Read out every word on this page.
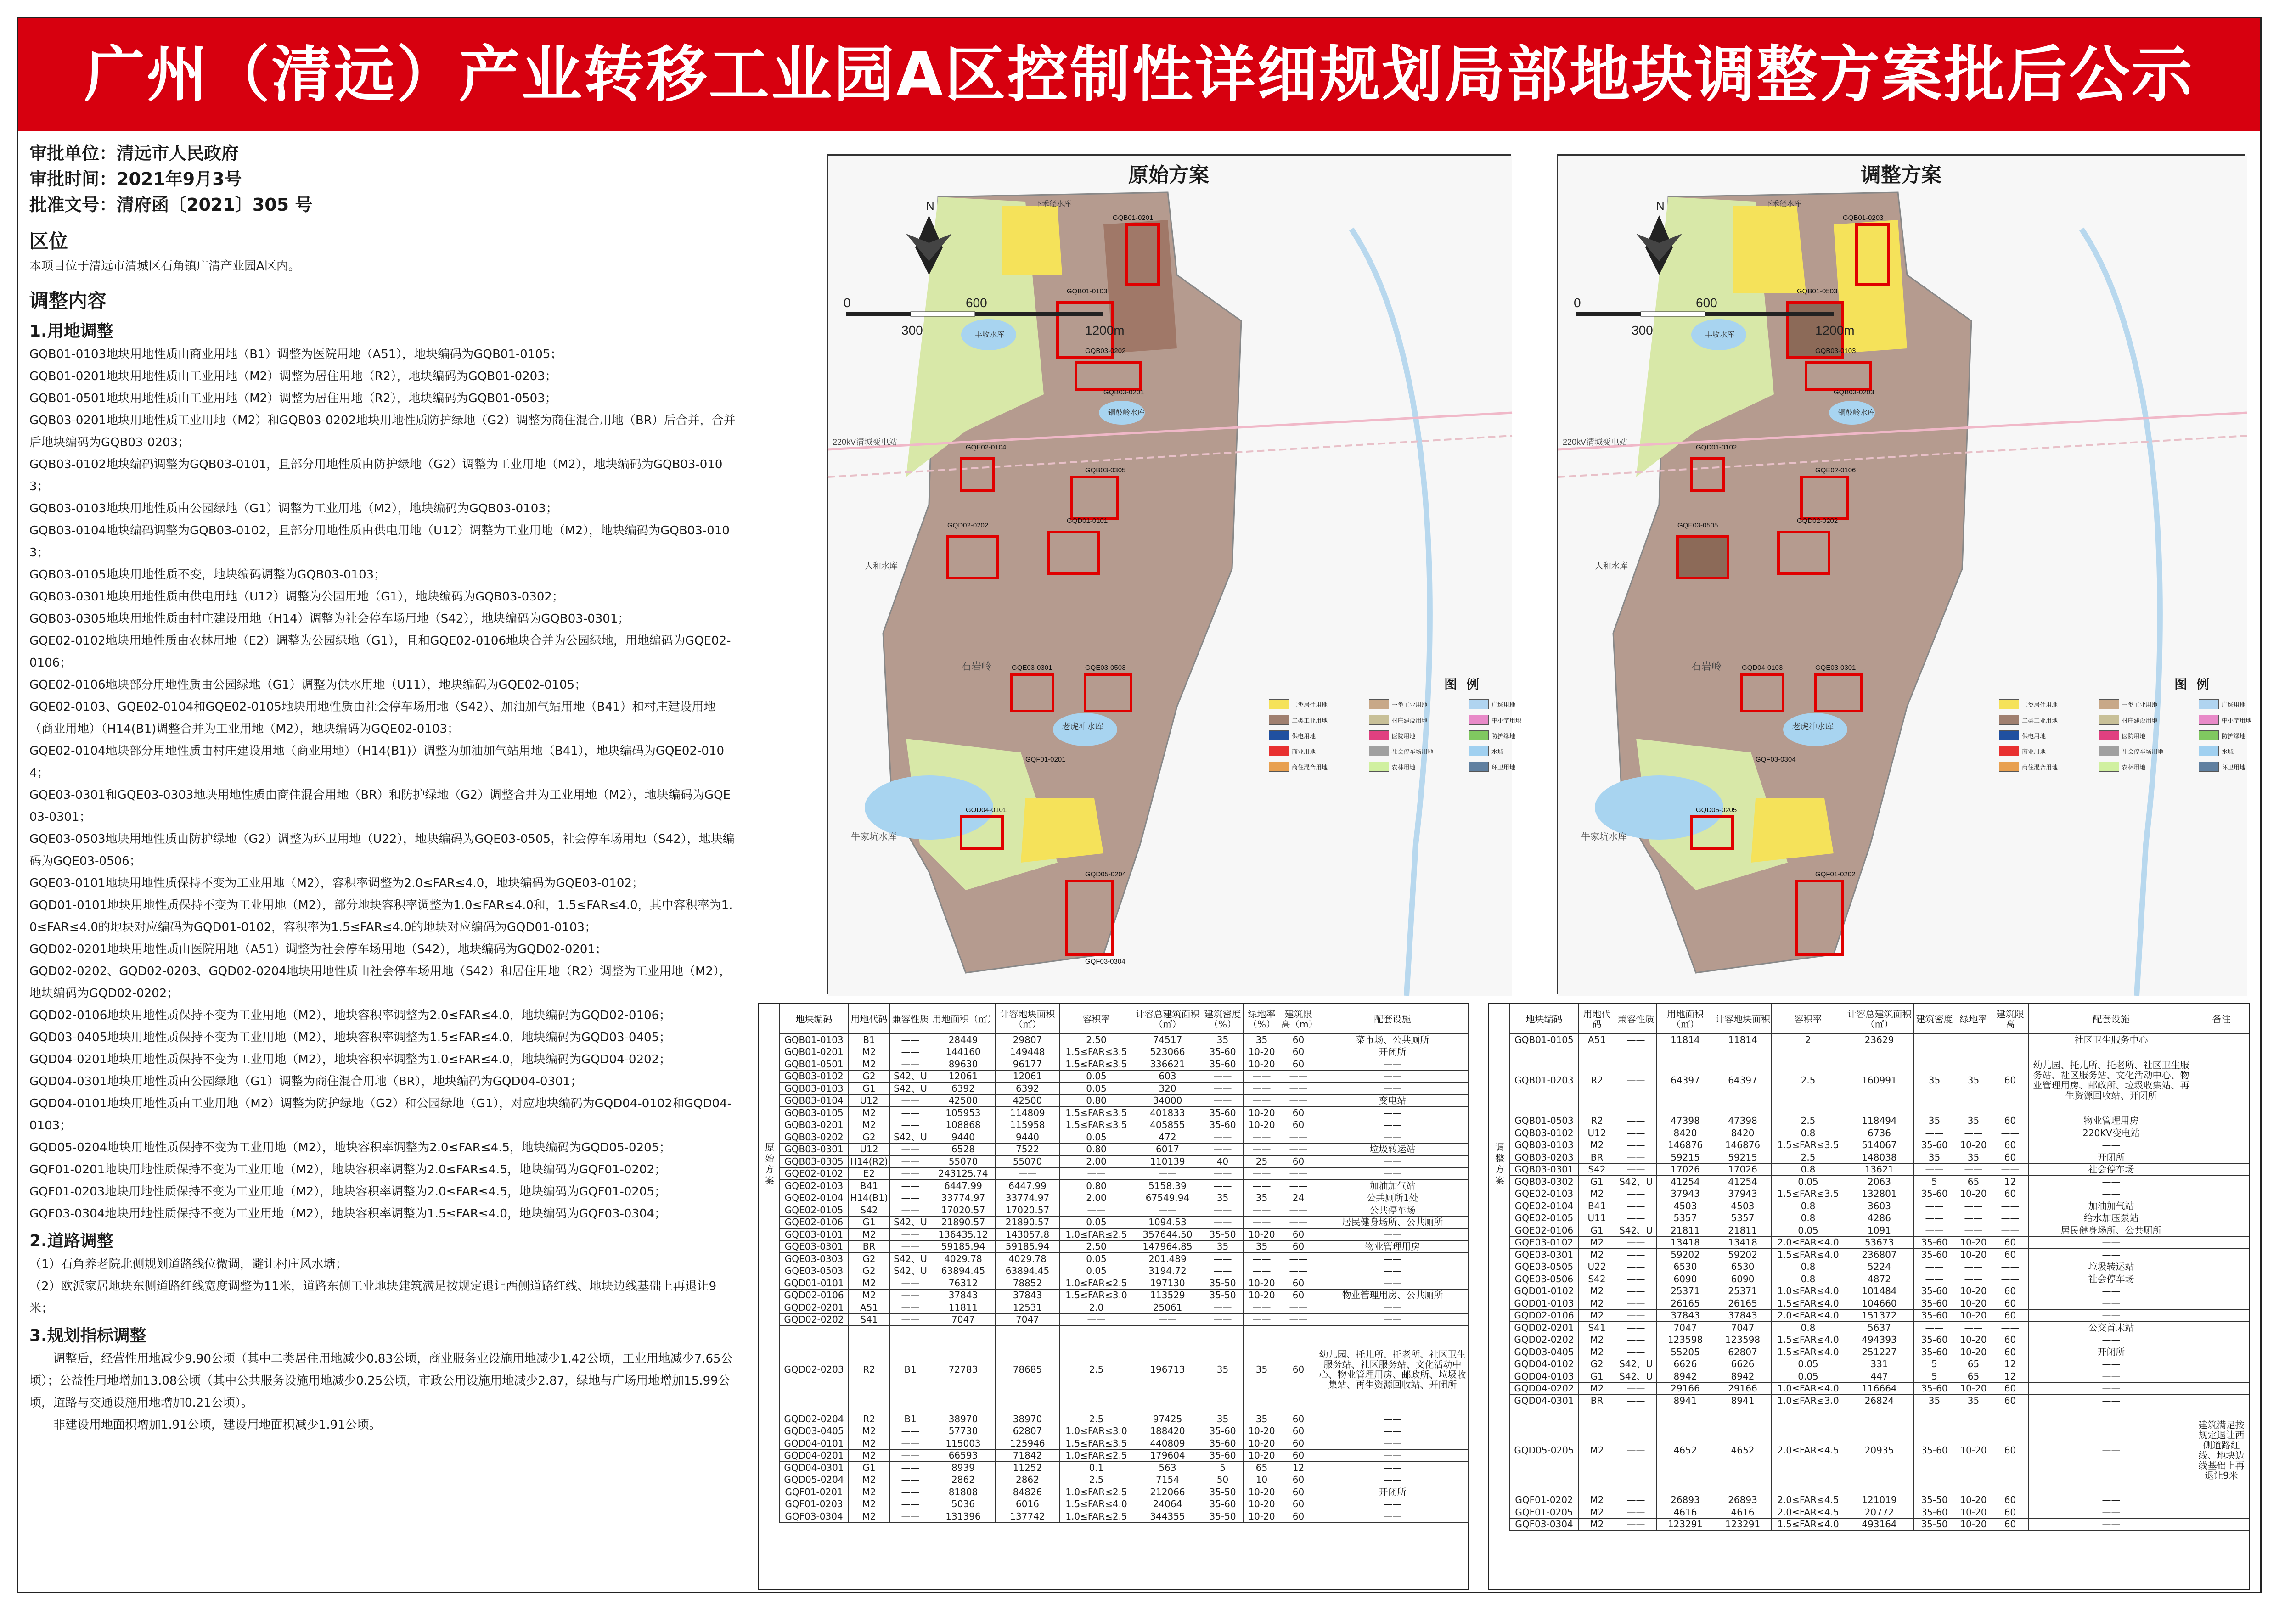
广州（清远）产业转移工业园A区控制性详细规划局部地块调整方案批后公示
审批单位：清远市人民政府
审批时间：2021年9月3号
批准文号：清府函〔2021〕305 号
区位
本项目位于清远市清城区石角镇广清产业园A区内。
调整内容
1.用地调整
GQB01-0103地块用地性质由商业用地（B1）调整为医院用地（A51），地块编码为GQB01-0105；
GQB01-0201地块用地性质由工业用地（M2）调整为居住用地（R2），地块编码为GQB01-0203；
GQB01-0501地块用地性质由工业用地（M2）调整为居住用地（R2），地块编码为GQB01-0503；
GQB03-0201地块用地性质工业用地（M2）和GQB03-0202地块用地性质防护绿地（G2）调整为商住混合用地（BR）后合并，合并后地块编码为GQB03-0203；
GQB03-0102地块编码调整为GQB03-0101，且部分用地性质由防护绿地（G2）调整为工业用地（M2），地块编码为GQB03-0103；
GQB03-0103地块用地性质由公园绿地（G1）调整为工业用地（M2），地块编码为GQB03-0103；
GQB03-0104地块编码调整为GQB03-0102，且部分用地性质由供电用地（U12）调整为工业用地（M2），地块编码为GQB03-0103；
GQB03-0105地块用地性质不变，地块编码调整为GQB03-0103；
GQB03-0301地块用地性质由供电用地（U12）调整为公园用地（G1），地块编码为GQB03-0302；
GQB03-0305地块用地性质由村庄建设用地（H14）调整为社会停车场用地（S42），地块编码为GQB03-0301；
GQE02-0102地块用地性质由农林用地（E2）调整为公园绿地（G1），且和GQE02-0106地块合并为公园绿地，用地编码为GQE02-0106；
GQE02-0106地块部分用地性质由公园绿地（G1）调整为供水用地（U11），地块编码为GQE02-0105；
GQE02-0103、GQE02-0104和GQE02-0105地块用地性质由社会停车场用地（S42）、加油加气站用地（B41）和村庄建设用地（商业用地）（H14(B1)调整合并为工业用地（M2），地块编码为GQE02-0103；
GQE02-0104地块部分用地性质由村庄建设用地（商业用地）（H14(B1)）调整为加油加气站用地（B41），地块编码为GQE02-0104；
GQE03-0301和GQE03-0303地块用地性质由商住混合用地（BR）和防护绿地（G2）调整合并为工业用地（M2），地块编码为GQE03-0301；
GQE03-0503地块用地性质由防护绿地（G2）调整为环卫用地（U22），地块编码为GQE03-0505，社会停车场用地（S42），地块编码为GQE03-0506；
GQE03-0101地块用地性质保持不变为工业用地（M2），容积率调整为2.0≤FAR≤4.0，地块编码为GQE03-0102；
GQD01-0101地块用地性质保持不变为工业用地（M2），部分地块容积率调整为1.0≤FAR≤4.0和，1.5≤FAR≤4.0，其中容积率为1.0≤FAR≤4.0的地块对应编码为GQD01-0102，容积率为1.5≤FAR≤4.0的地块对应编码为GQD01-0103；
GQD02-0201地块用地性质由医院用地（A51）调整为社会停车场用地（S42），地块编码为GQD02-0201；
GQD02-0202、GQD02-0203、GQD02-0204地块用地性质由社会停车场用地（S42）和居住用地（R2）调整为工业用地（M2），地块编码为GQD02-0202；
GQD02-0106地块用地性质保持不变为工业用地（M2），地块容积率调整为2.0≤FAR≤4.0，地块编码为GQD02-0106；
GQD03-0405地块用地性质保持不变为工业用地（M2），地块容积率调整为1.5≤FAR≤4.0，地块编码为GQD03-0405；
GQD04-0201地块用地性质保持不变为工业用地（M2），地块容积率调整为1.0≤FAR≤4.0，地块编码为GQD04-0202；
GQD04-0301地块用地性质由公园绿地（G1）调整为商住混合用地（BR），地块编码为GQD04-0301；
GQD04-0101地块用地性质由工业用地（M2）调整为防护绿地（G2）和公园绿地（G1），对应地块编码为GQD04-0102和GQD04-0103；
GQD05-0204地块用地性质保持不变为工业用地（M2），地块容积率调整为2.0≤FAR≤4.5，地块编码为GQD05-0205；
GQF01-0201地块用地性质保持不变为工业用地（M2），地块容积率调整为2.0≤FAR≤4.5，地块编码为GQF01-0202；
GQF01-0203地块用地性质保持不变为工业用地（M2），地块容积率调整为2.0≤FAR≤4.5，地块编码为GQF01-0205；
GQF03-0304地块用地性质保持不变为工业用地（M2），地块容积率调整为1.5≤FAR≤4.0，地块编码为GQF03-0304；
2.道路调整
（1）石角养老院北侧规划道路线位微调，避让村庄风水塘；
（2）欧派家居地块东侧道路红线宽度调整为11米，道路东侧工业地块建筑满足按规定退让西侧道路红线、地块边线基础上再退让9米；
3.规划指标调整
调整后，经营性用地减少9.90公顷（其中二类居住用地减少0.83公顷，商业服务业设施用地减少1.42公顷，工业用地减少7.65公顷）；公益性用地增加13.08公顷（其中公共服务设施用地减少0.25公顷，市政公用设施用地减少2.87，绿地与广场用地增加15.99公顷，道路与交通设施用地增加0.21公顷）。
非建设用地面积增加1.91公顷，建设用地面积减少1.91公顷。
N
0
300
600
1200m
220kV清城变电站
石岩岭
牛家坑水库
老虎冲水库
铜鼓岭水库
丰收水库
下禾径水库
人和水库
GQB01-0201
GQB01-0103
GQB03-0201
GQB03-0202
GQB03-0305
GQE02-0104
GQD01-0101
GQD02-0202
GQE03-0503
GQE03-0301
GQD04-0101
GQD05-0204
GQF01-0201
GQF03-0304
原始方案
图例
二类居住用地	一类工业用地	广场用地
二类工业用地	村庄建设用地	中小学用地
供电用地	医院用地	防护绿地
商业用地	社会停车场用地	水域
商住混合用地	农林用地	环卫用地
N
0
300
600
1200m
220kV清城变电站
石岩岭
牛家坑水库
老虎冲水库
铜鼓岭水库
丰收水库
下禾径水库
人和水库
GQB01-0203
GQB01-0503
GQB03-0203
GQB03-0103
GQE02-0106
GQD01-0102
GQD02-0202
GQE03-0505
GQE03-0301
GQD04-0103
GQD05-0205
GQF01-0202
GQF03-0304
调整方案
图例
二类居住用地	一类工业用地	广场用地
二类工业用地	村庄建设用地	中小学用地
供电用地	医院用地	防护绿地
商业用地	社会停车场用地	水域
商住混合用地	农林用地	环卫用地
原始方案
地块编码	用地代码	兼容性质	用地面积（㎡）	计容地块面积（㎡）	容积率	计容总建筑面积（㎡）	建筑密度（%）	绿地率（%）	建筑限高（m）	配套设施
GQB01-0103	B1	——	28449	29807	2.50	74517	35	35	60	菜市场、公共厕所
GQB01-0201	M2	——	144160	149448	1.5≤FAR≤3.5	523066	35-60	10-20	60	开闭所
GQB01-0501	M2	——	89630	96177	1.5≤FAR≤3.5	336621	35-60	10-20	60	——
GQB03-0102	G2	S42、U	12061	12061	0.05	603	——	——	——	——
GQB03-0103	G1	S42、U	6392	6392	0.05	320	——	——	——	——
GQB03-0104	U12	——	42500	42500	0.80	34000	——	——	——	变电站
GQB03-0105	M2	——	105953	114809	1.5≤FAR≤3.5	401833	35-60	10-20	60	——
GQB03-0201	M2	——	108868	115958	1.5≤FAR≤3.5	405855	35-60	10-20	60	——
GQB03-0202	G2	S42、U	9440	9440	0.05	472	——	——	——	——
GQB03-0301	U12	——	6528	7522	0.80	6017	——	——	——	垃圾转运站
GQB03-0305	H14(R2)	——	55070	55070	2.00	110139	40	25	60	——
GQE02-0102	E2	——	243125.74	——	——	——	——	——	——	——
GQE02-0103	B41	——	6447.99	6447.99	0.80	5158.39	——	——	——	加油加气站
GQE02-0104	H14(B1)	——	33774.97	33774.97	2.00	67549.94	35	35	24	公共厕所1处
GQE02-0105	S42	——	17020.57	17020.57	——	——	——	——	——	公共停车场
GQE02-0106	G1	S42、U	21890.57	21890.57	0.05	1094.53	——	——	——	居民健身场所、公共厕所
GQE03-0101	M2	——	136435.12	143057.8	1.0≤FAR≤2.5	357644.50	35-50	10-20	60	——
GQE03-0301	BR	——	59185.94	59185.94	2.50	147964.85	35	35	60	物业管理用房
GQE03-0303	G2	S42、U	4029.78	4029.78	0.05	201.489	——	——	——	——
GQE03-0503	G2	S42、U	63894.45	63894.45	0.05	3194.72	——	——	——	——
GQD01-0101	M2	——	76312	78852	1.0≤FAR≤2.5	197130	35-50	10-20	60	——
GQD02-0106	M2	——	37843	37843	1.5≤FAR≤3.0	113529	35-50	10-20	60	物业管理用房、公共厕所
GQD02-0201	A51	——	11811	12531	2.0	25061	——	——	——	——
GQD02-0202	S41	——	7047	7047	——	——	——	——	——	——
GQD02-0203	R2	B1	72783	78685	2.5	196713	35	35	60	幼儿园、托儿所、托老所、社区卫生服务站、社区服务站、文化活动中心、物业管理用房、邮政所、垃圾收集站、再生资源回收站、开闭所
GQD02-0204	R2	B1	38970	38970	2.5	97425	35	35	60	——
GQD03-0405	M2	——	57730	62807	1.0≤FAR≤3.0	188420	35-60	10-20	60	——
GQD04-0101	M2	——	115003	125946	1.5≤FAR≤3.5	440809	35-60	10-20	60	——
GQD04-0201	M2	——	66593	71842	1.0≤FAR≤2.5	179604	35-60	10-20	60	——
GQD04-0301	G1	——	8939	11252	0.1	563	5	65	12	——
GQD05-0204	M2	——	2862	2862	2.5	7154	50	10	60	——
GQF01-0201	M2	——	81808	84826	1.0≤FAR≤2.5	212066	35-50	10-20	60	开闭所
GQF01-0203	M2	——	5036	6016	1.5≤FAR≤4.0	24064	35-60	10-20	60	——
GQF03-0304	M2	——	131396	137742	1.0≤FAR≤2.5	344355	35-50	10-20	60	——
调整方案
地块编码	用地代码	兼容性质	用地面积（㎡）	计容地块面积	容积率	计容总建筑面积（㎡）	建筑密度	绿地率	建筑限高	配套设施	备注
GQB01-0105	A51	——	11814	11814	2	23629				社区卫生服务中心	
GQB01-0203	R2	——	64397	64397	2.5	160991	35	35	60	幼儿园、托儿所、托老所、社区卫生服务站、社区服务站、文化活动中心、物业管理用房、邮政所、垃圾收集站、再生资源回收站、开闭所	
GQB01-0503	R2	——	47398	47398	2.5	118494	35	35	60	物业管理用房	
GQB03-0102	U12	——	8420	8420	0.8	6736	——	——	——	220KV变电站	
GQB03-0103	M2	——	146876	146876	1.5≤FAR≤3.5	514067	35-60	10-20	60	——	
GQB03-0203	BR	——	59215	59215	2.5	148038	35	35	60	开闭所	
GQB03-0301	S42	——	17026	17026	0.8	13621	——	——	——	社会停车场	
GQB03-0302	G1	S42、U	41254	41254	0.05	2063	5	65	12	——	
GQE02-0103	M2	——	37943	37943	1.5≤FAR≤3.5	132801	35-60	10-20	60	——	
GQE02-0104	B41	——	4503	4503	0.8	3603	——	——	——	加油加气站	
GQE02-0105	U11	——	5357	5357	0.8	4286	——	——	——	给水加压泵站	
GQE02-0106	G1	S42、U	21811	21811	0.05	1091	——	——	——	居民健身场所、公共厕所	
GQE03-0102	M2	——	13418	13418	2.0≤FAR≤4.0	53673	35-60	10-20	60	——	
GQE03-0301	M2	——	59202	59202	1.5≤FAR≤4.0	236807	35-60	10-20	60	——	
GQE03-0505	U22	——	6530	6530	0.8	5224	——	——	——	垃圾转运站	
GQE03-0506	S42	——	6090	6090	0.8	4872	——	——	——	社会停车场	
GQD01-0102	M2	——	25371	25371	1.0≤FAR≤4.0	101484	35-60	10-20	60	——	
GQD01-0103	M2	——	26165	26165	1.5≤FAR≤4.0	104660	35-60	10-20	60	——	
GQD02-0106	M2	——	37843	37843	2.0≤FAR≤4.0	151372	35-60	10-20	60	——	
GQD02-0201	S41	——	7047	7047	0.8	5637	——	——	——	公交首末站	
GQD02-0202	M2	——	123598	123598	1.5≤FAR≤4.0	494393	35-60	10-20	60	——	
GQD03-0405	M2	——	55205	62807	1.5≤FAR≤4.0	251227	35-60	10-20	60	开闭所	
GQD04-0102	G2	S42、U	6626	6626	0.05	331	5	65	12	——	
GQD04-0103	G1	S42、U	8942	8942	0.05	447	5	65	12	——	
GQD04-0202	M2	——	29166	29166	1.0≤FAR≤4.0	116664	35-60	10-20	60	——	
GQD04-0301	BR	——	8941	8941	1.0≤FAR≤3.0	26824	35	35	60	——	
GQD05-0205	M2	——	4652	4652	2.0≤FAR≤4.5	20935	35-60	10-20	60	——	建筑满足按规定退让西侧道路红线、地块边线基础上再退让9米
GQF01-0202	M2	——	26893	26893	2.0≤FAR≤4.5	121019	35-50	10-20	60	——	
GQF01-0205	M2	——	4616	4616	2.0≤FAR≤4.5	20772	35-60	10-20	60	——	
GQF03-0304	M2	——	123291	123291	1.5≤FAR≤4.0	493164	35-50	10-20	60	——	
